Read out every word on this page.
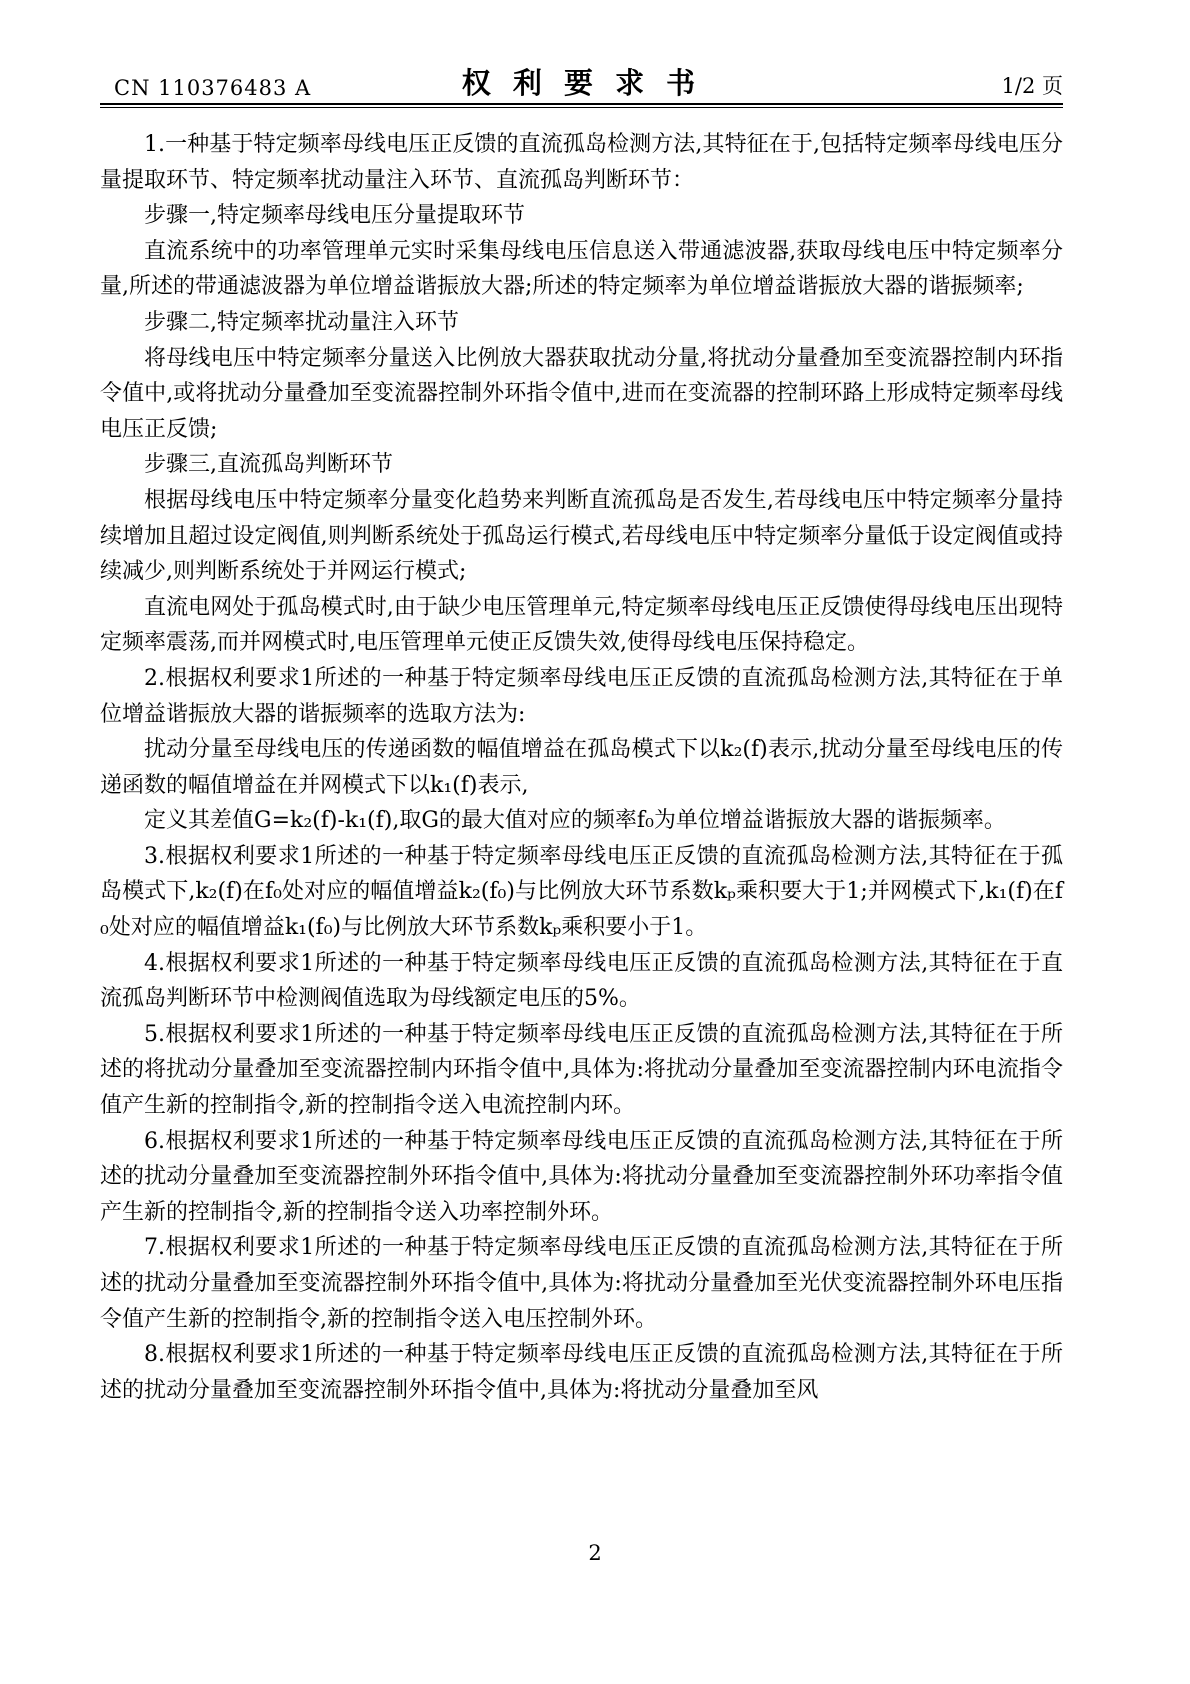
CN 110376483 A	权 利 要 求 书	1/2 页

1.一种基于特定频率母线电压正反馈的直流孤岛检测方法,其特征在于,包括特定频率母线电压分量提取环节、特定频率扰动量注入环节、直流孤岛判断环节：

步骤一,特定频率母线电压分量提取环节

直流系统中的功率管理单元实时采集母线电压信息送入带通滤波器,获取母线电压中特定频率分量,所述的带通滤波器为单位增益谐振放大器;所述的特定频率为单位增益谐振放大器的谐振频率;

步骤二,特定频率扰动量注入环节

将母线电压中特定频率分量送入比例放大器获取扰动分量,将扰动分量叠加至变流器控制内环指令值中,或将扰动分量叠加至变流器控制外环指令值中,进而在变流器的控制环路上形成特定频率母线电压正反馈;

步骤三,直流孤岛判断环节

根据母线电压中特定频率分量变化趋势来判断直流孤岛是否发生,若母线电压中特定频率分量持续增加且超过设定阀值,则判断系统处于孤岛运行模式,若母线电压中特定频率分量低于设定阀值或持续减少,则判断系统处于并网运行模式;

直流电网处于孤岛模式时,由于缺少电压管理单元,特定频率母线电压正反馈使得母线电压出现特定频率震荡,而并网模式时,电压管理单元使正反馈失效,使得母线电压保持稳定。

2.根据权利要求1所述的一种基于特定频率母线电压正反馈的直流孤岛检测方法,其特征在于单位增益谐振放大器的谐振频率的选取方法为:

扰动分量至母线电压的传递函数的幅值增益在孤岛模式下以k₂(f)表示,扰动分量至母线电压的传递函数的幅值增益在并网模式下以k₁(f)表示,

定义其差值G=k₂(f)-k₁(f),取G的最大值对应的频率f₀为单位增益谐振放大器的谐振频率。

3.根据权利要求1所述的一种基于特定频率母线电压正反馈的直流孤岛检测方法,其特征在于孤岛模式下,k₂(f)在f₀处对应的幅值增益k₂(f₀)与比例放大环节系数kₚ乘积要大于1;并网模式下,k₁(f)在f₀处对应的幅值增益k₁(f₀)与比例放大环节系数kₚ乘积要小于1。

4.根据权利要求1所述的一种基于特定频率母线电压正反馈的直流孤岛检测方法,其特征在于直流孤岛判断环节中检测阀值选取为母线额定电压的5%。

5.根据权利要求1所述的一种基于特定频率母线电压正反馈的直流孤岛检测方法,其特征在于所述的将扰动分量叠加至变流器控制内环指令值中,具体为:将扰动分量叠加至变流器控制内环电流指令值产生新的控制指令,新的控制指令送入电流控制内环。

6.根据权利要求1所述的一种基于特定频率母线电压正反馈的直流孤岛检测方法,其特征在于所述的扰动分量叠加至变流器控制外环指令值中,具体为:将扰动分量叠加至变流器控制外环功率指令值产生新的控制指令,新的控制指令送入功率控制外环。

7.根据权利要求1所述的一种基于特定频率母线电压正反馈的直流孤岛检测方法,其特征在于所述的扰动分量叠加至变流器控制外环指令值中,具体为:将扰动分量叠加至光伏变流器控制外环电压指令值产生新的控制指令,新的控制指令送入电压控制外环。

8.根据权利要求1所述的一种基于特定频率母线电压正反馈的直流孤岛检测方法,其特征在于所述的扰动分量叠加至变流器控制外环指令值中,具体为:将扰动分量叠加至风

2
